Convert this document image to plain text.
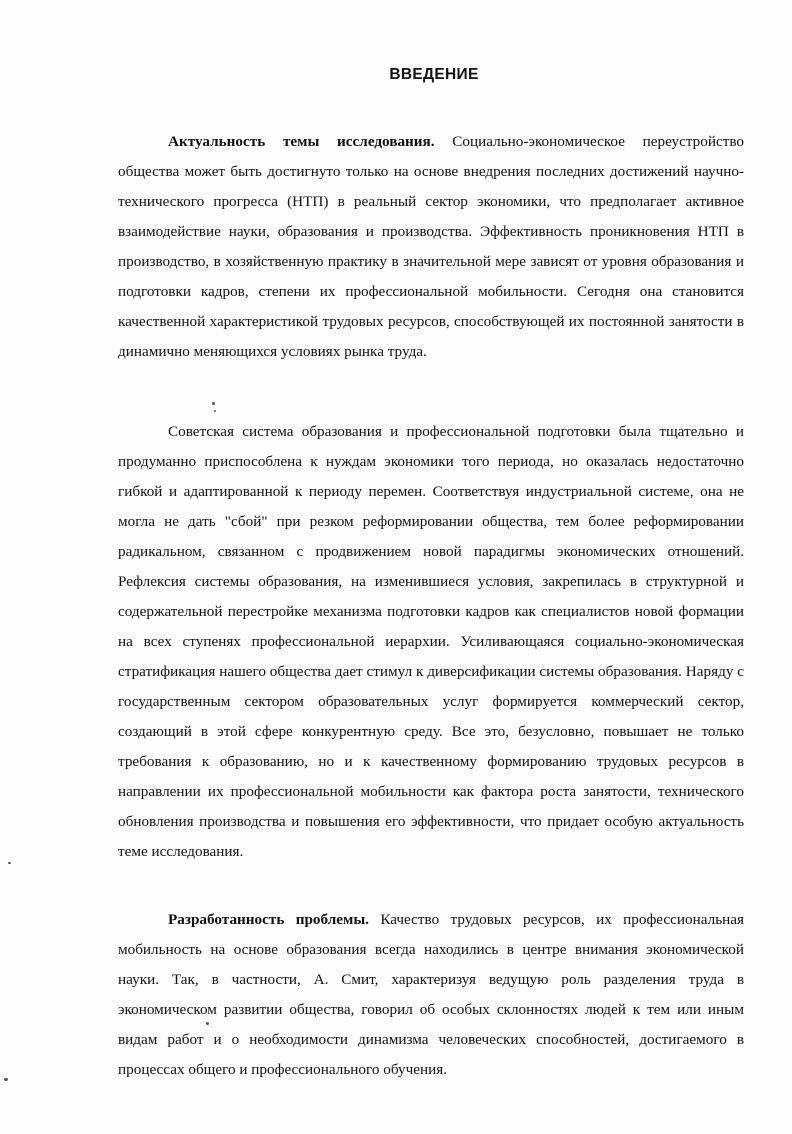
ВВЕДЕНИЕ
Актуальность темы исследования. Социально-экономическое переустройство общества может быть достигнуто только на основе внедрения последних достижений научно-технического прогресса (НТП) в реальный сектор экономики, что предполагает активное взаимодействие науки, образования и производства. Эффективность проникновения НТП в производство, в хозяйственную практику в значительной мере зависят от уровня образования и подготовки кадров, степени их профессиональной мобильности. Сегодня она становится качественной характеристикой трудовых ресурсов, способствующей их постоянной занятости в динамично меняющихся условиях рынка труда.
Советская система образования и профессиональной подготовки была тщательно и продуманно приспособлена к нуждам экономики того периода, но оказалась недостаточно гибкой и адаптированной к периоду перемен. Соответствуя индустриальной системе, она не могла не дать "сбой" при резком реформировании общества, тем более реформировании радикальном, связанном с продвижением новой парадигмы экономических отношений. Рефлексия системы образования, на изменившиеся условия, закрепилась в структурной и содержательной перестройке механизма подготовки кадров как специалистов новой формации на всех ступенях профессиональной иерархии. Усиливающаяся социально-экономическая стратификация нашего общества дает стимул к диверсификации системы образования. Наряду с государственным сектором образовательных услуг формируется коммерческий сектор, создающий в этой сфере конкурентную среду. Все это, безусловно, повышает не только требования к образованию, но и к качественному формированию трудовых ресурсов в направлении их профессиональной мобильности как фактора роста занятости, технического обновления производства и повышения его эффективности, что придает особую актуальность теме исследования.
Разработанность проблемы. Качество трудовых ресурсов, их профессиональная мобильность на основе образования всегда находились в центре внимания экономической науки. Так, в частности, А. Смит, характеризуя ведущую роль разделения труда в экономическом развитии общества, говорил об особых склонностях людей к тем или иным видам работ и о необходимости динамизма человеческих способностей, достигаемого в процессах общего и профессионального обучения.
